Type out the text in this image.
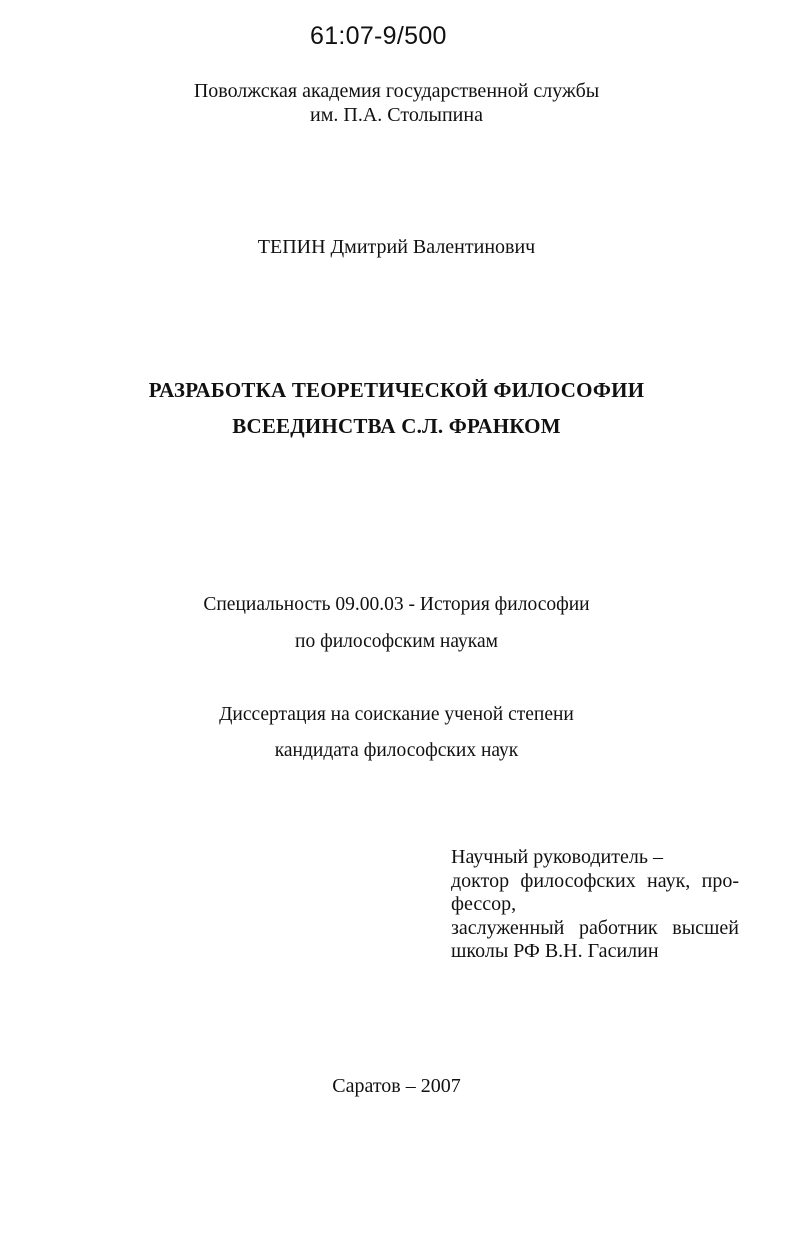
61:07-9/500
Поволжская академия государственной службы
им. П.А. Столыпина
ТЕПИН Дмитрий Валентинович
РАЗРАБОТКА ТЕОРЕТИЧЕСКОЙ ФИЛОСОФИИ
ВСЕЕДИНСТВА С.Л. ФРАНКОМ
Специальность 09.00.03 - История философии
по философским наукам
Диссертация на соискание ученой степени
кандидата философских наук
Научный руководитель –
доктор философских наук, про-
фессор,
заслуженный работник высшей
школы РФ В.Н. Гасилин
Саратов – 2007
